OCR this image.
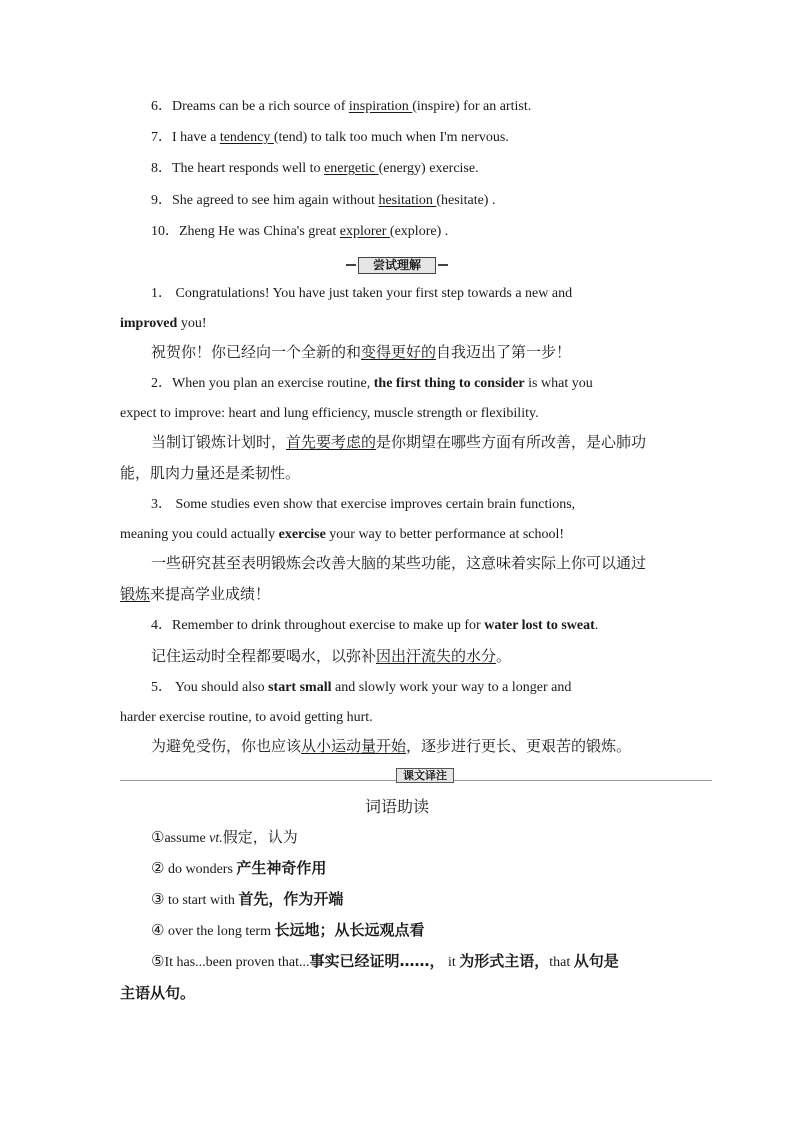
6．Dreams can be a rich source of inspiration (inspire) for an artist.
7．I have a tendency (tend) to talk too much when I'm nervous.
8．The heart responds well to energetic (energy) exercise.
9．She agreed to see him again without hesitation (hesitate) .
10．Zheng He was China's great explorer (explore) .
尝试理解
1． Congratulations! You have just taken your first step towards a new and
improved you!
祝贺你！你已经向一个全新的和变得更好的自我迈出了第一步！
2．When you plan an exercise routine, the first thing to consider is what you
expect to improve: heart and lung efficiency, muscle strength or flexibility.
当制订锻炼计划时，首先要考虑的是你期望在哪些方面有所改善，是心肺功
能，肌肉力量还是柔韧性。
3． Some studies even show that exercise improves certain brain functions,
meaning you could actually exercise your way to better performance at school!
一些研究甚至表明锻炼会改善大脑的某些功能，这意味着实际上你可以通过
锻炼来提高学业成绩！
4．Remember to drink throughout exercise to make up for water lost to sweat.
记住运动时全程都要喝水，以弥补因出汗流失的水分。
5． You should also start small and slowly work your way to a longer and
harder exercise routine, to avoid getting hurt.
为避免受伤，你也应该从小运动量开始，逐步进行更长、更艰苦的锻炼。
课文译注
词语助读
①assume vt.假定，认为
② do wonders 产生神奇作用
③ to start with 首先，作为开端
④ over the long term 长远地；从长远观点看
⑤It has...been proven that...事实已经证明……， it 为形式主语，that 从句是
主语从句。
